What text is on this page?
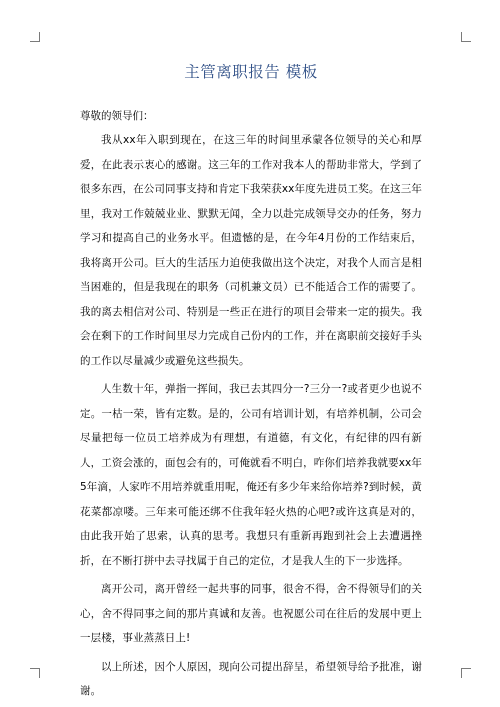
主管离职报告 模板
尊敬的领导们：

我从xx年入职到现在，在这三年的时间里承蒙各位领导的关心和厚爱，在此表示衷心的感谢。这三年的工作对我本人的帮助非常大，学到了很多东西，在公司同事支持和肯定下我荣获xx年度先进员工奖。在这三年里，我对工作兢兢业业、默默无闻，全力以赴完成领导交办的任务，努力学习和提高自己的业务水平。但遗憾的是，在今年4月份的工作结束后，我将离开公司。巨大的生活压力迫使我做出这个决定，对我个人而言是相当困难的，但是我现在的职务（司机兼文员）已不能适合工作的需要了。我的离去相信对公司、特别是一些正在进行的项目会带来一定的损失。我会在剩下的工作时间里尽力完成自己份内的工作，并在离职前交接好手头的工作以尽量减少或避免这些损失。

人生数十年，弹指一挥间，我已去其四分一?三分一?或者更少也说不定。一枯一荣，皆有定数。是的，公司有培训计划，有培养机制，公司会尽量把每一位员工培养成为有理想，有道德，有文化，有纪律的四有新人，工资会涨的，面包会有的，可俺就看不明白，咋你们培养我就要xx年5年滴，人家咋不用培养就重用呢，俺还有多少年来给你培养?到时候，黄花菜都凉喽。三年来可能还绑不住我年轻火热的心吧?或许这真是对的，由此我开始了思索，认真的思考。我想只有重新再跑到社会上去遭遇挫折，在不断打拼中去寻找属于自己的定位，才是我人生的下一步选择。

离开公司，离开曾经一起共事的同事，很舍不得，舍不得领导们的关心，舍不得同事之间的那片真诚和友善。也祝愿公司在往后的发展中更上一层楼，事业蒸蒸日上!

以上所述，因个人原因，现向公司提出辞呈，希望领导给予批准，谢谢。
